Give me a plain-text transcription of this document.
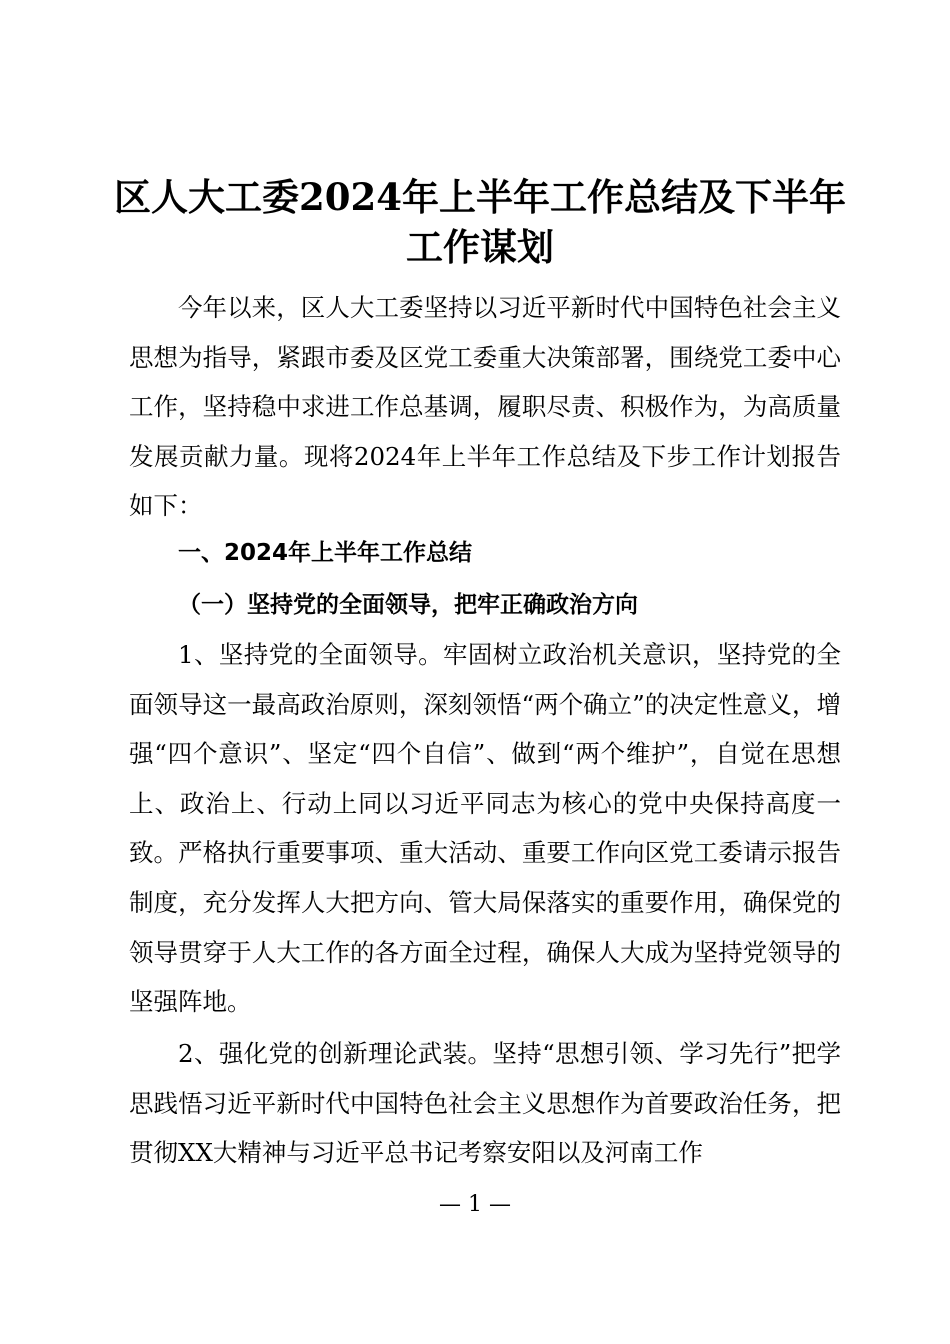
区人大工委2024年上半年工作总结及下半年工作谋划

今年以来，区人大工委坚持以习近平新时代中国特色社会主义思想为指导，紧跟市委及区党工委重大决策部署，围绕党工委中心工作，坚持稳中求进工作总基调，履职尽责、积极作为，为高质量发展贡献力量。现将2024年上半年工作总结及下步工作计划报告如下：

一、2024年上半年工作总结
（一）坚持党的全面领导，把牢正确政治方向

1、坚持党的全面领导。牢固树立政治机关意识，坚持党的全面领导这一最高政治原则，深刻领悟“两个确立”的决定性意义，增强“四个意识”、坚定“四个自信”、做到“两个维护”，自觉在思想上、政治上、行动上同以习近平同志为核心的党中央保持高度一致。严格执行重要事项、重大活动、重要工作向区党工委请示报告制度，充分发挥人大把方向、管大局保落实的重要作用，确保党的领导贯穿于人大工作的各方面全过程，确保人大成为坚持党领导的坚强阵地。

2、强化党的创新理论武装。坚持“思想引领、学习先行”把学思践悟习近平新时代中国特色社会主义思想作为首要政治任务，把贯彻XX大精神与习近平总书记考察安阳以及河南工作

— 1 —
